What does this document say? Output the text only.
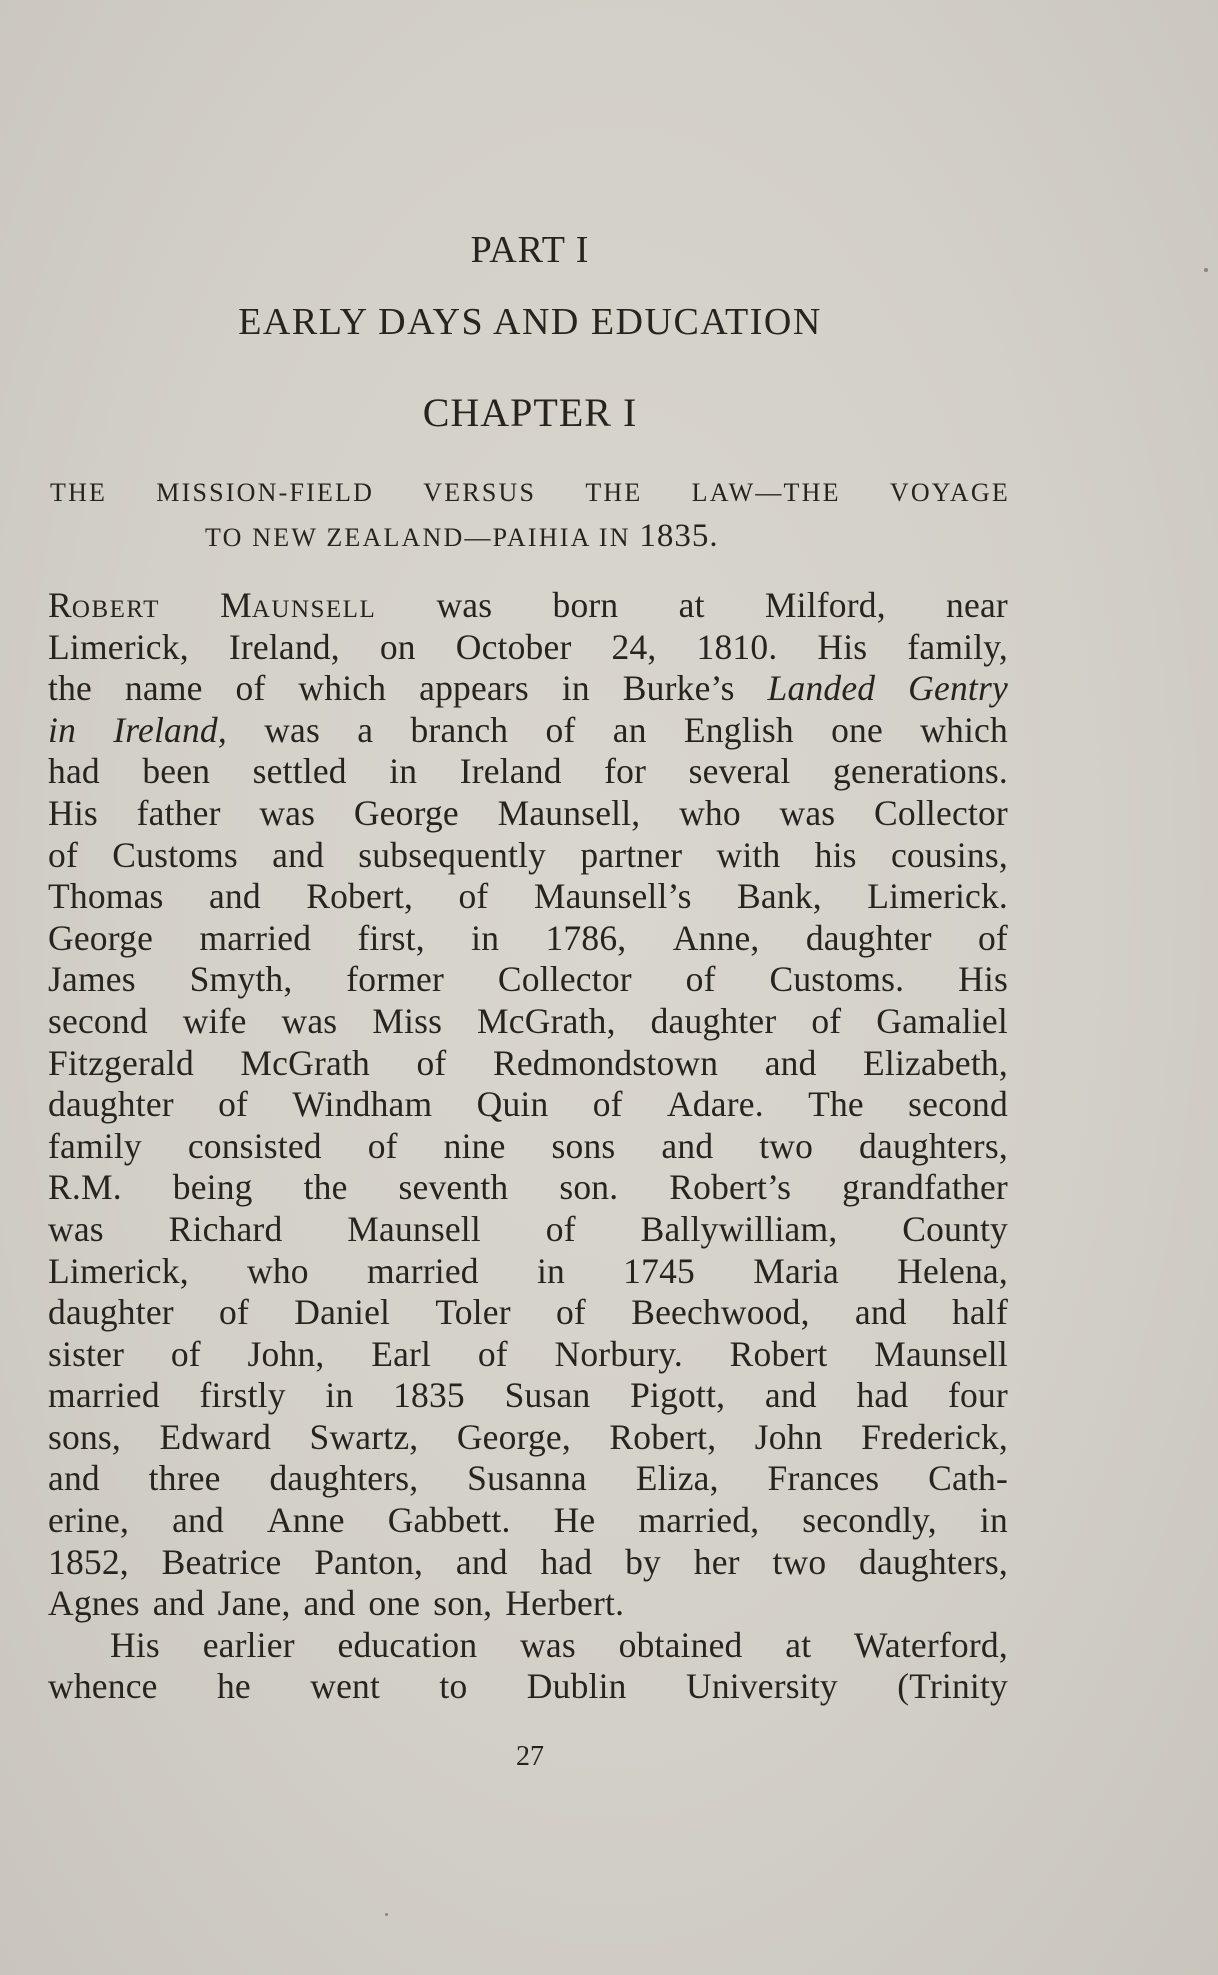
PART I
EARLY DAYS AND EDUCATION
CHAPTER I
THE MISSION-FIELD VERSUS THE LAW—THE VOYAGE
TO NEW ZEALAND—PAIHIA IN 1835.
ROBERT MAUNSELL was born at Milford, near
Limerick, Ireland, on October 24, 1810. His family,
the name of which appears in Burke’s Landed Gentry
in Ireland, was a branch of an English one which
had been settled in Ireland for several generations.
His father was George Maunsell, who was Collector
of Customs and subsequently partner with his cousins,
Thomas and Robert, of Maunsell’s Bank, Limerick.
George married first, in 1786, Anne, daughter of
James Smyth, former Collector of Customs. His
second wife was Miss McGrath, daughter of Gamaliel
Fitzgerald McGrath of Redmondstown and Elizabeth,
daughter of Windham Quin of Adare. The second
family consisted of nine sons and two daughters,
R.M. being the seventh son. Robert’s grandfather
was Richard Maunsell of Ballywilliam, County
Limerick, who married in 1745 Maria Helena,
daughter of Daniel Toler of Beechwood, and half
sister of John, Earl of Norbury. Robert Maunsell
married firstly in 1835 Susan Pigott, and had four
sons, Edward Swartz, George, Robert, John Frederick,
and three daughters, Susanna Eliza, Frances Cath-
erine, and Anne Gabbett. He married, secondly, in
1852, Beatrice Panton, and had by her two daughters,
Agnes and Jane, and one son, Herbert.
His earlier education was obtained at Waterford,
whence he went to Dublin University (Trinity
27
